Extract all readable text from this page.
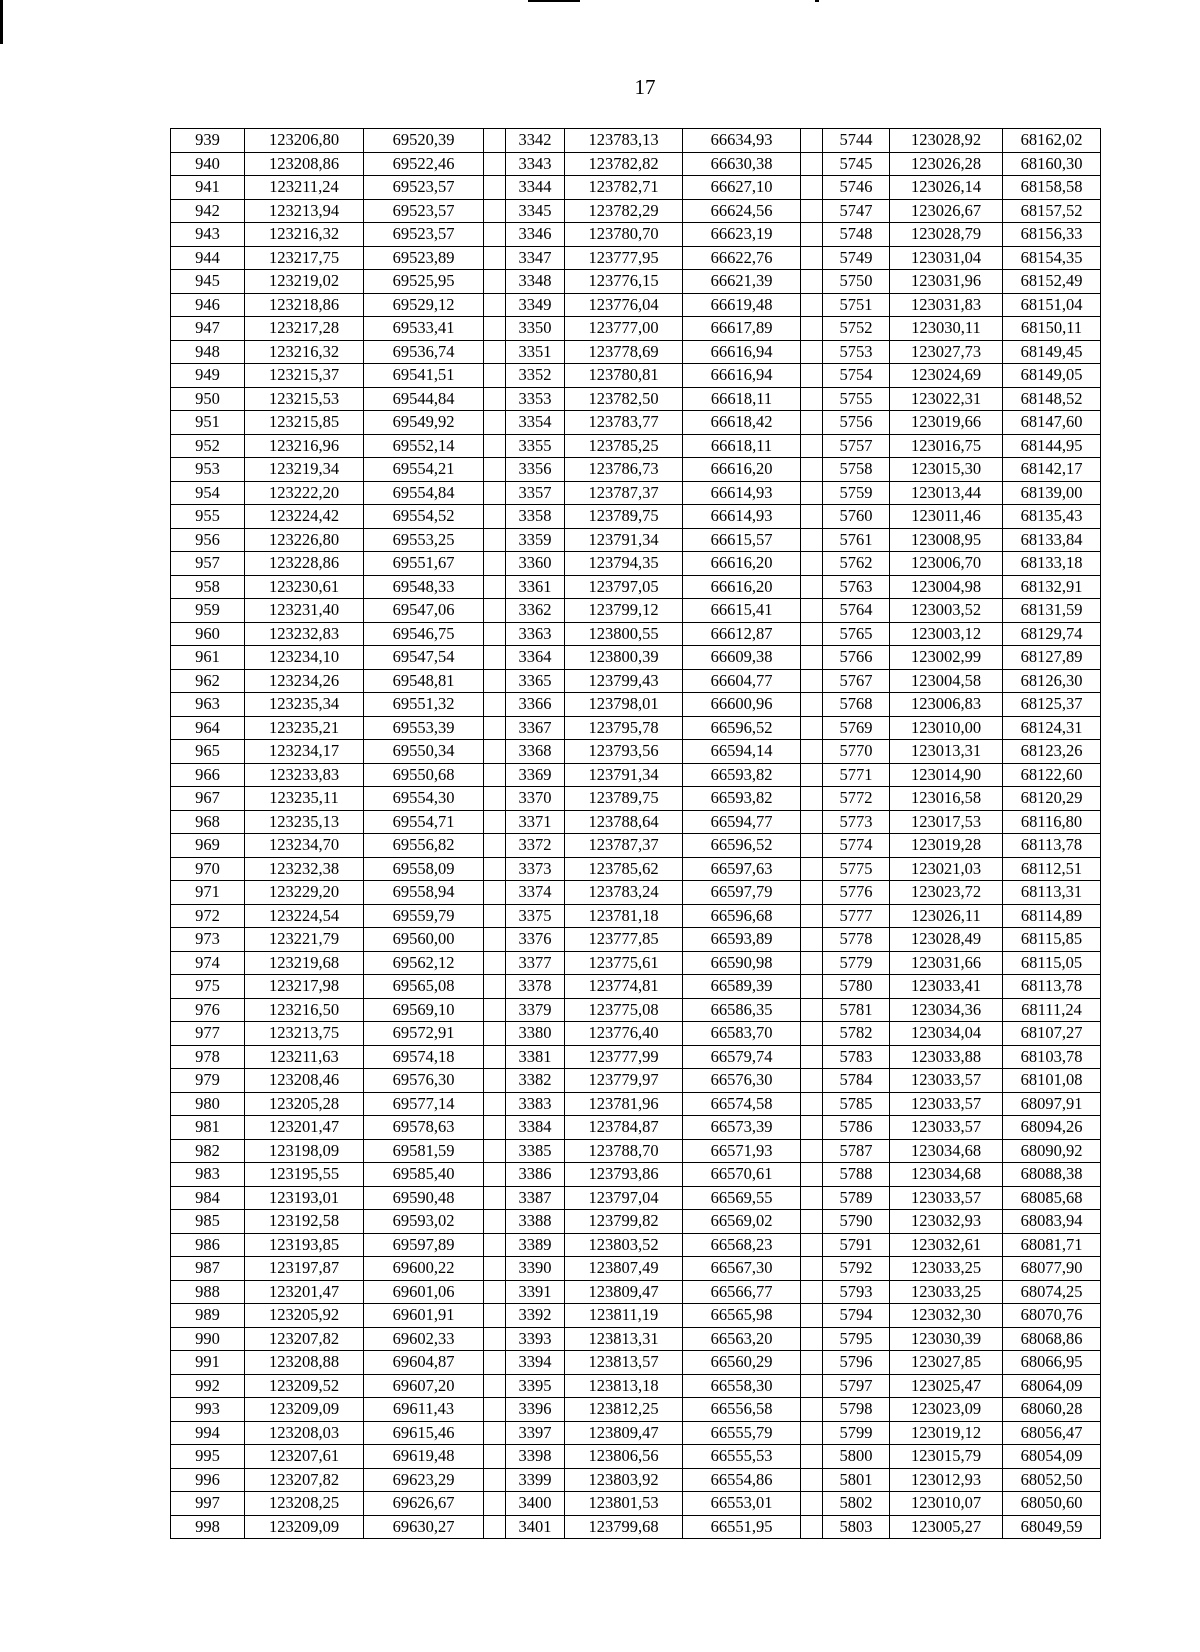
17
939	123206,80	69520,39		3342	123783,13	66634,93		5744	123028,92	68162,02
940	123208,86	69522,46		3343	123782,82	66630,38		5745	123026,28	68160,30
941	123211,24	69523,57		3344	123782,71	66627,10		5746	123026,14	68158,58
942	123213,94	69523,57		3345	123782,29	66624,56		5747	123026,67	68157,52
943	123216,32	69523,57		3346	123780,70	66623,19		5748	123028,79	68156,33
944	123217,75	69523,89		3347	123777,95	66622,76		5749	123031,04	68154,35
945	123219,02	69525,95		3348	123776,15	66621,39		5750	123031,96	68152,49
946	123218,86	69529,12		3349	123776,04	66619,48		5751	123031,83	68151,04
947	123217,28	69533,41		3350	123777,00	66617,89		5752	123030,11	68150,11
948	123216,32	69536,74		3351	123778,69	66616,94		5753	123027,73	68149,45
949	123215,37	69541,51		3352	123780,81	66616,94		5754	123024,69	68149,05
950	123215,53	69544,84		3353	123782,50	66618,11		5755	123022,31	68148,52
951	123215,85	69549,92		3354	123783,77	66618,42		5756	123019,66	68147,60
952	123216,96	69552,14		3355	123785,25	66618,11		5757	123016,75	68144,95
953	123219,34	69554,21		3356	123786,73	66616,20		5758	123015,30	68142,17
954	123222,20	69554,84		3357	123787,37	66614,93		5759	123013,44	68139,00
955	123224,42	69554,52		3358	123789,75	66614,93		5760	123011,46	68135,43
956	123226,80	69553,25		3359	123791,34	66615,57		5761	123008,95	68133,84
957	123228,86	69551,67		3360	123794,35	66616,20		5762	123006,70	68133,18
958	123230,61	69548,33		3361	123797,05	66616,20		5763	123004,98	68132,91
959	123231,40	69547,06		3362	123799,12	66615,41		5764	123003,52	68131,59
960	123232,83	69546,75		3363	123800,55	66612,87		5765	123003,12	68129,74
961	123234,10	69547,54		3364	123800,39	66609,38		5766	123002,99	68127,89
962	123234,26	69548,81		3365	123799,43	66604,77		5767	123004,58	68126,30
963	123235,34	69551,32		3366	123798,01	66600,96		5768	123006,83	68125,37
964	123235,21	69553,39		3367	123795,78	66596,52		5769	123010,00	68124,31
965	123234,17	69550,34		3368	123793,56	66594,14		5770	123013,31	68123,26
966	123233,83	69550,68		3369	123791,34	66593,82		5771	123014,90	68122,60
967	123235,11	69554,30		3370	123789,75	66593,82		5772	123016,58	68120,29
968	123235,13	69554,71		3371	123788,64	66594,77		5773	123017,53	68116,80
969	123234,70	69556,82		3372	123787,37	66596,52		5774	123019,28	68113,78
970	123232,38	69558,09		3373	123785,62	66597,63		5775	123021,03	68112,51
971	123229,20	69558,94		3374	123783,24	66597,79		5776	123023,72	68113,31
972	123224,54	69559,79		3375	123781,18	66596,68		5777	123026,11	68114,89
973	123221,79	69560,00		3376	123777,85	66593,89		5778	123028,49	68115,85
974	123219,68	69562,12		3377	123775,61	66590,98		5779	123031,66	68115,05
975	123217,98	69565,08		3378	123774,81	66589,39		5780	123033,41	68113,78
976	123216,50	69569,10		3379	123775,08	66586,35		5781	123034,36	68111,24
977	123213,75	69572,91		3380	123776,40	66583,70		5782	123034,04	68107,27
978	123211,63	69574,18		3381	123777,99	66579,74		5783	123033,88	68103,78
979	123208,46	69576,30		3382	123779,97	66576,30		5784	123033,57	68101,08
980	123205,28	69577,14		3383	123781,96	66574,58		5785	123033,57	68097,91
981	123201,47	69578,63		3384	123784,87	66573,39		5786	123033,57	68094,26
982	123198,09	69581,59		3385	123788,70	66571,93		5787	123034,68	68090,92
983	123195,55	69585,40		3386	123793,86	66570,61		5788	123034,68	68088,38
984	123193,01	69590,48		3387	123797,04	66569,55		5789	123033,57	68085,68
985	123192,58	69593,02		3388	123799,82	66569,02		5790	123032,93	68083,94
986	123193,85	69597,89		3389	123803,52	66568,23		5791	123032,61	68081,71
987	123197,87	69600,22		3390	123807,49	66567,30		5792	123033,25	68077,90
988	123201,47	69601,06		3391	123809,47	66566,77		5793	123033,25	68074,25
989	123205,92	69601,91		3392	123811,19	66565,98		5794	123032,30	68070,76
990	123207,82	69602,33		3393	123813,31	66563,20		5795	123030,39	68068,86
991	123208,88	69604,87		3394	123813,57	66560,29		5796	123027,85	68066,95
992	123209,52	69607,20		3395	123813,18	66558,30		5797	123025,47	68064,09
993	123209,09	69611,43		3396	123812,25	66556,58		5798	123023,09	68060,28
994	123208,03	69615,46		3397	123809,47	66555,79		5799	123019,12	68056,47
995	123207,61	69619,48		3398	123806,56	66555,53		5800	123015,79	68054,09
996	123207,82	69623,29		3399	123803,92	66554,86		5801	123012,93	68052,50
997	123208,25	69626,67		3400	123801,53	66553,01		5802	123010,07	68050,60
998	123209,09	69630,27		3401	123799,68	66551,95		5803	123005,27	68049,59
